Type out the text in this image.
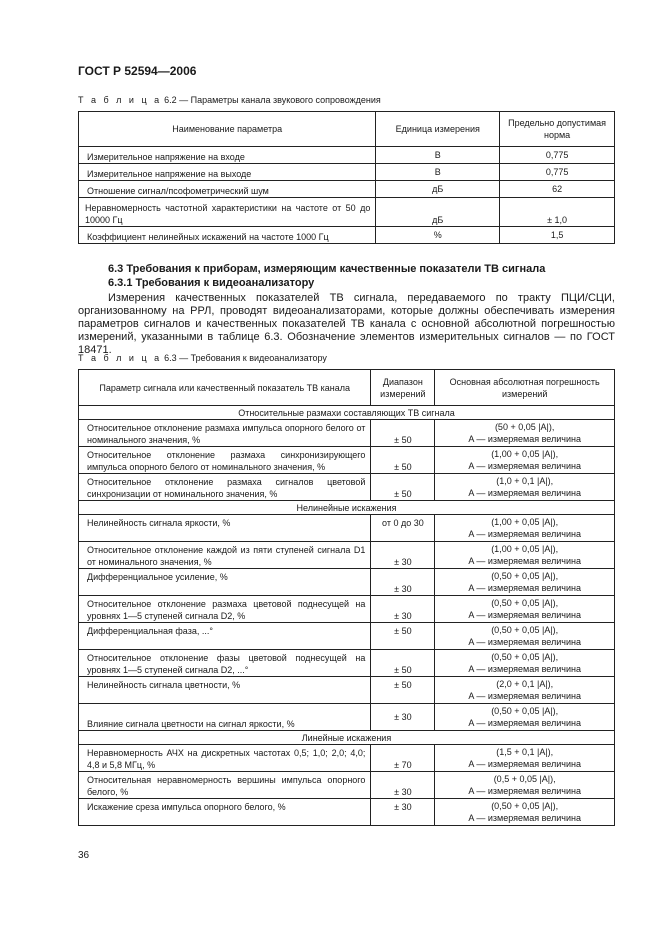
ГОСТ Р 52594—2006
Т а б л и ц а 6.2 — Параметры канала звукового сопровождения
Наименование параметра	Единица измерения	Предельно допустимая норма
Измерительное напряжение на входе	В	0,775
Измерительное напряжение на выходе	В	0,775
Отношение сигнал/псофометрический шум	дБ	62
Неравномерность частотной характеристики на частоте от 50 до 10000 Гц	дБ	± 1,0
Коэффициент нелинейных искажений на частоте 1000 Гц	%	1,5
6.3 Требования к приборам, измеряющим качественные показатели ТВ сигнала
6.3.1 Требования к видеоанализатору
Измерения качественных показателей ТВ сигнала, передаваемого по тракту ПЦИ/СЦИ, организованному на РРЛ, проводят видеоанализаторами, которые должны обеспечивать измерения параметров сигналов и качественных показателей ТВ канала с основной абсолютной погрешностью измерений, указанными в таблице 6.3. Обозначение элементов измерительных сигналов — по ГОСТ 18471.
Т а б л и ц а 6.3 — Требования к видеоанализатору
Параметр сигнала или качественный показатель ТВ канала	Диапазон измерений	Основная абсолютная погрешность измерений
Относительные размахи составляющих ТВ сигнала		
Относительное отклонение размаха импульса опорного белого от номинального значения, %	± 50	(50 + 0,05 |A|),
A — измеряемая величина

Относительное отклонение размаха синхронизирующего импульса опорного белого от номинального значения, %	± 50	(1,00 + 0,05 |A|),
A — измеряемая величина

Относительное отклонение размаха сигналов цветовой синхронизации от номинального значения, %	± 50	(1,0 + 0,1 |A|),
A — измеряемая величина

Нелинейные искажения		
Нелинейность сигнала яркости, %	от 0 до 30	(1,00 + 0,05 |A|),
A — измеряемая величина

Относительное отклонение каждой из пяти ступеней сигнала D1 от номинального значения, %	± 30	(1,00 + 0,05 |A|),
A — измеряемая величина

Дифференциальное усиление, %	± 30	(0,50 + 0,05 |A|),
A — измеряемая величина

Относительное отклонение размаха цветовой поднесущей на уровнях 1—5 ступеней сигнала D2, %	± 30	(0,50 + 0,05 |A|),
A — измеряемая величина

Дифференциальная фаза, ...°	± 50	(0,50 + 0,05 |A|),
A — измеряемая величина

Относительное отклонение фазы цветовой поднесущей на уровнях 1—5 ступеней сигнала D2, ...°	± 50	(0,50 + 0,05 |A|),
A — измеряемая величина

Нелинейность сигнала цветности, %	± 50	(2,0 + 0,1 |A|),
A — измеряемая величина

Влияние сигнала цветности на сигнал яркости, %	± 30	(0,50 + 0,05 |A|),
A — измеряемая величина

Линейные искажения		
Неравномерность АЧХ на дискретных частотах 0,5; 1,0; 2,0; 4,0; 4,8 и 5,8 МГц, %	± 70	(1,5 + 0,1 |A|),
A — измеряемая величина

Относительная неравномерность вершины импульса опорного белого, %	± 30	(0,5 + 0,05 |A|),
A — измеряемая величина

Искажение среза импульса опорного белого, %	± 30	(0,50 + 0,05 |A|),
A — измеряемая величина
36
